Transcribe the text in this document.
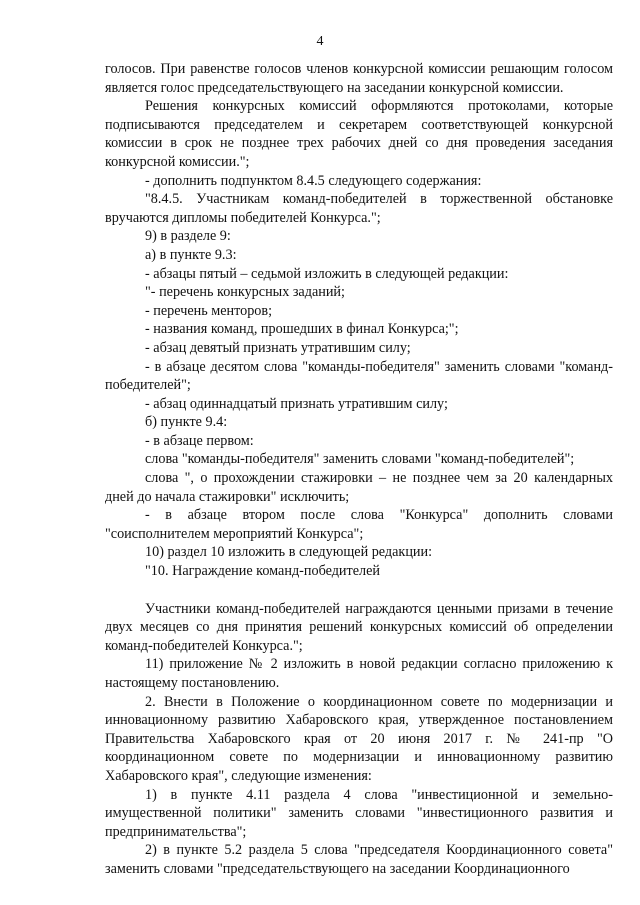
4

голосов. При равенстве голосов членов конкурсной комиссии решающим голосом является голос председательствующего на заседании конкурсной комиссии.

Решения конкурсных комиссий оформляются протоколами, которые подписываются председателем и секретарем соответствующей конкурсной комиссии в срок не позднее трех рабочих дней со дня проведения заседания конкурсной комиссии.";

- дополнить подпунктом 8.4.5 следующего содержания:

"8.4.5. Участникам команд-победителей в торжественной обстановке вручаются дипломы победителей Конкурса.";

9) в разделе 9:

а) в пункте 9.3:

- абзацы пятый – седьмой изложить в следующей редакции:

"- перечень конкурсных заданий;

- перечень менторов;

- названия команд, прошедших в финал Конкурса;";

- абзац девятый признать утратившим силу;

- в абзаце десятом слова "команды-победителя" заменить словами "команд-победителей";

- абзац одиннадцатый признать утратившим силу;

б) пункте 9.4:

- в абзаце первом:

слова "команды-победителя" заменить словами "команд-победителей";

слова ", о прохождении стажировки – не позднее чем за 20 календарных дней до начала стажировки" исключить;

- в абзаце втором после слова "Конкурса" дополнить словами "соисполнителем мероприятий Конкурса";

10) раздел 10 изложить в следующей редакции:

"10. Награждение команд-победителей

Участники команд-победителей награждаются ценными призами в течение двух месяцев со дня принятия решений конкурсных комиссий об определении команд-победителей Конкурса.";

11) приложение № 2 изложить в новой редакции согласно приложению к настоящему постановлению.

2. Внести в Положение о координационном совете по модернизации и инновационному развитию Хабаровского края, утвержденное постановлением Правительства Хабаровского края от 20 июня 2017 г. № 241-пр "О координационном совете по модернизации и инновационному развитию Хабаровского края", следующие изменения:

1) в пункте 4.11 раздела 4 слова "инвестиционной и земельно-имущественной политики" заменить словами "инвестиционного развития и предпринимательства";

2) в пункте 5.2 раздела 5 слова "председателя Координационного совета" заменить словами "председательствующего на заседании Координационного
